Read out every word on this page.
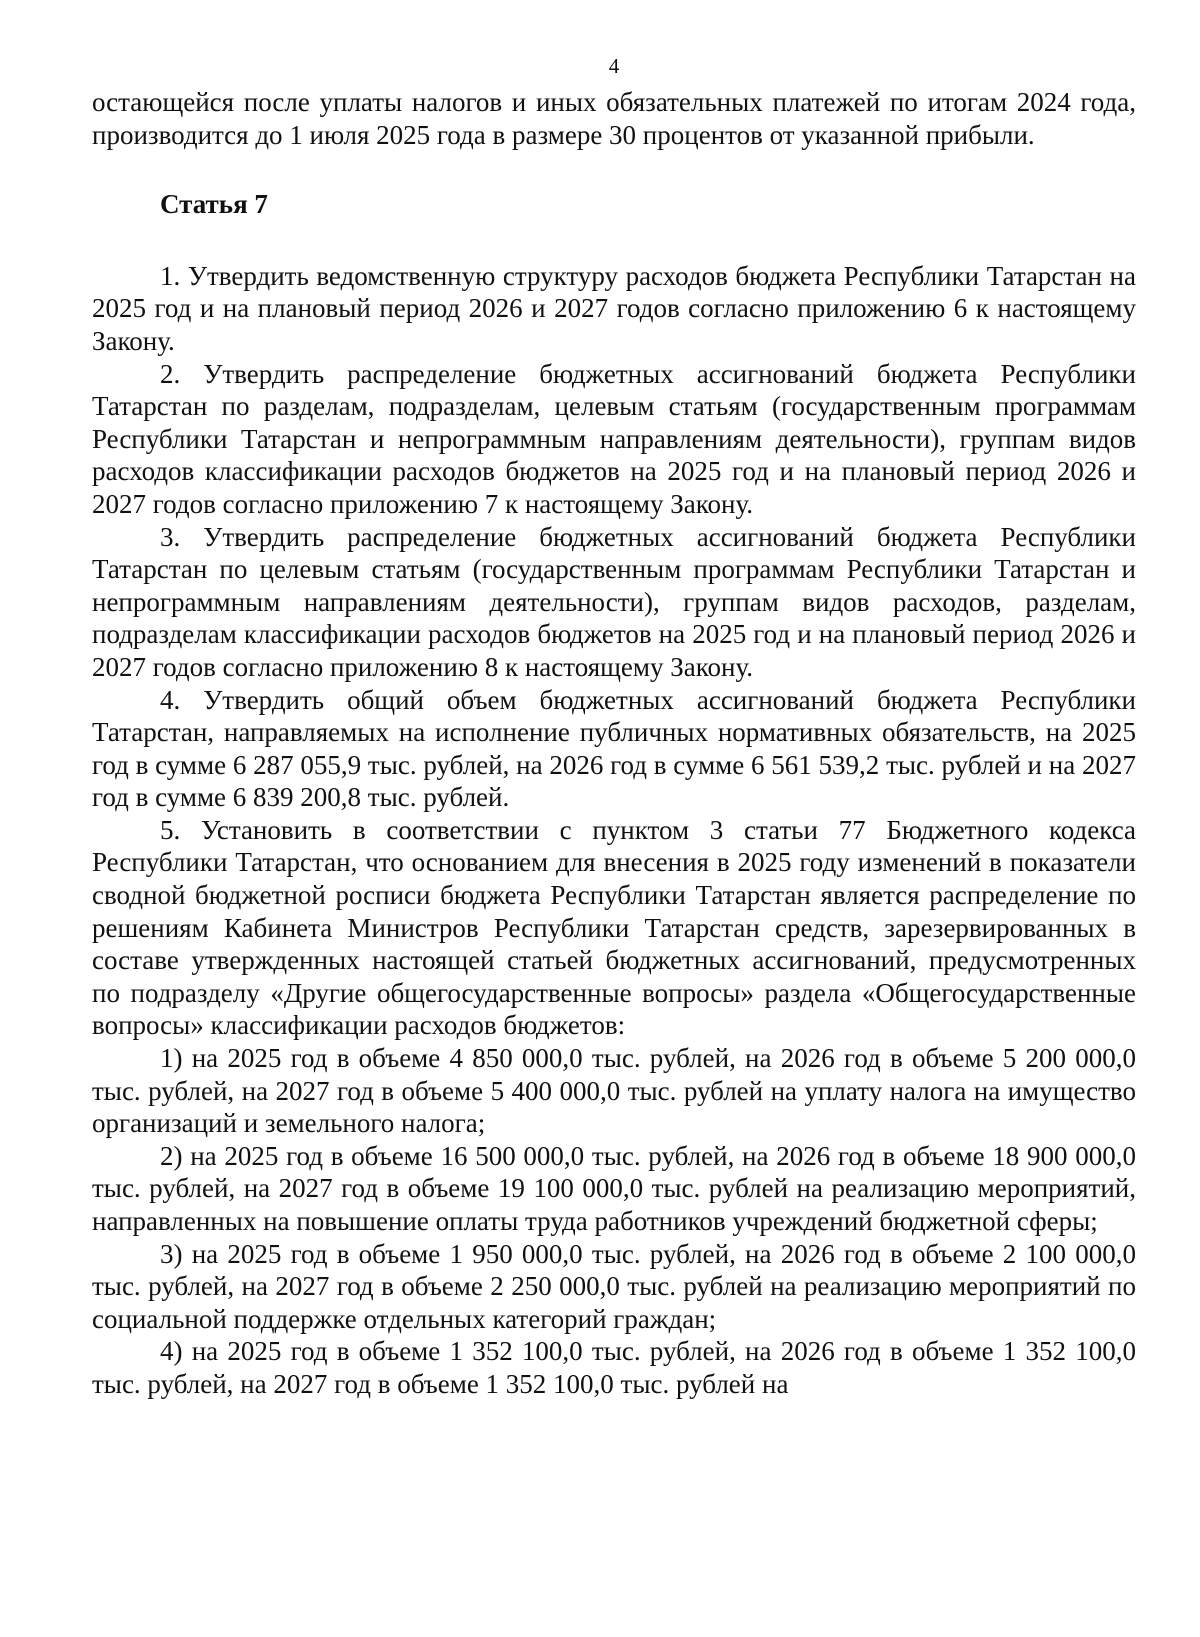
4

остающейся после уплаты налогов и иных обязательных платежей по итогам 2024 года, производится до 1 июля 2025 года в размере 30 процентов от указанной прибыли.

Статья 7

1. Утвердить ведомственную структуру расходов бюджета Республики Татарстан на 2025 год и на плановый период 2026 и 2027 годов согласно приложению 6 к настоящему Закону.

2. Утвердить распределение бюджетных ассигнований бюджета Республики Татарстан по разделам, подразделам, целевым статьям (государственным программам Республики Татарстан и непрограммным направлениям деятельности), группам видов расходов классификации расходов бюджетов на 2025 год и на плановый период 2026 и 2027 годов согласно приложению 7 к настоящему Закону.

3. Утвердить распределение бюджетных ассигнований бюджета Республики Татарстан по целевым статьям (государственным программам Республики Татарстан и непрограммным направлениям деятельности), группам видов расходов, разделам, подразделам классификации расходов бюджетов на 2025 год и на плановый период 2026 и 2027 годов согласно приложению 8 к настоящему Закону.

4. Утвердить общий объем бюджетных ассигнований бюджета Республики Татарстан, направляемых на исполнение публичных нормативных обязательств, на 2025 год в сумме 6 287 055,9 тыс. рублей, на 2026 год в сумме 6 561 539,2 тыс. рублей и на 2027 год в сумме 6 839 200,8 тыс. рублей.

5. Установить в соответствии с пунктом 3 статьи 77 Бюджетного кодекса Республики Татарстан, что основанием для внесения в 2025 году изменений в показатели сводной бюджетной росписи бюджета Республики Татарстан является распределение по решениям Кабинета Министров Республики Татарстан средств, зарезервированных в составе утвержденных настоящей статьей бюджетных ассигнований, предусмотренных по подразделу «Другие общегосударственные вопросы» раздела «Общегосударственные вопросы» классификации расходов бюджетов:

1) на 2025 год в объеме 4 850 000,0 тыс. рублей, на 2026 год в объеме 5 200 000,0 тыс. рублей, на 2027 год в объеме 5 400 000,0 тыс. рублей на уплату налога на имущество организаций и земельного налога;

2) на 2025 год в объеме 16 500 000,0 тыс. рублей, на 2026 год в объеме 18 900 000,0 тыс. рублей, на 2027 год в объеме 19 100 000,0 тыс. рублей на реализацию мероприятий, направленных на повышение оплаты труда работников учреждений бюджетной сферы;

3) на 2025 год в объеме 1 950 000,0 тыс. рублей, на 2026 год в объеме 2 100 000,0 тыс. рублей, на 2027 год в объеме 2 250 000,0 тыс. рублей на реализацию мероприятий по социальной поддержке отдельных категорий граждан;

4) на 2025 год в объеме 1 352 100,0 тыс. рублей, на 2026 год в объеме 1 352 100,0 тыс. рублей, на 2027 год в объеме 1 352 100,0 тыс. рублей на
